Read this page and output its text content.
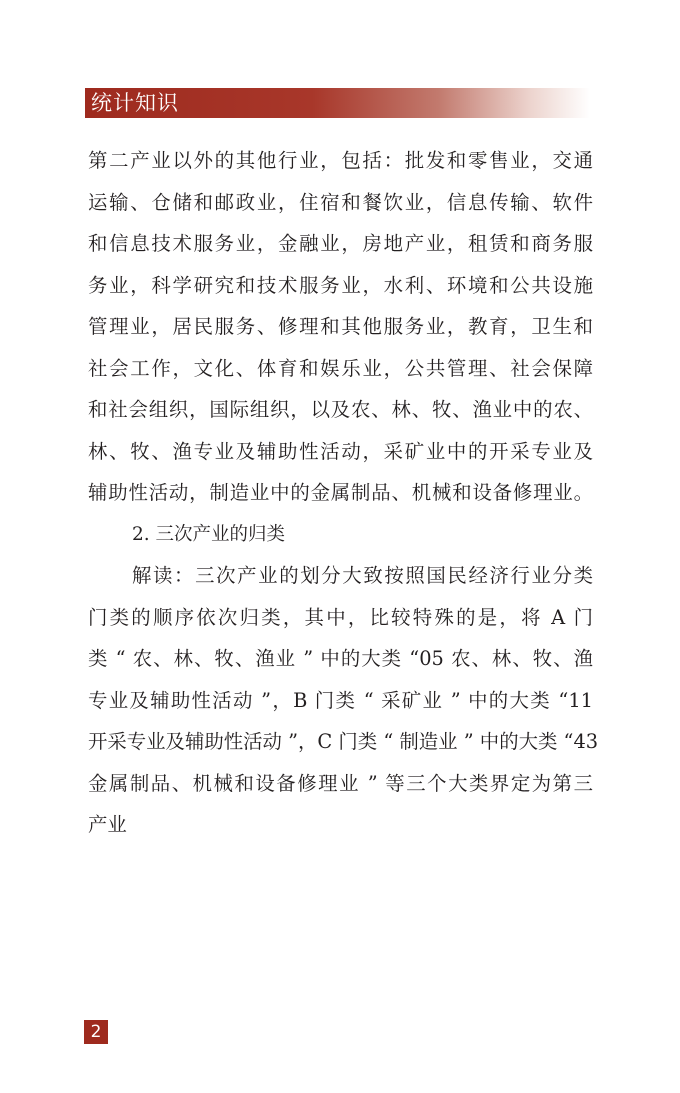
统计知识
第二产业以外的其他行业，包括：批发和零售业，交通
运输、仓储和邮政业，住宿和餐饮业，信息传输、软件
和信息技术服务业，金融业，房地产业，租赁和商务服
务业，科学研究和技术服务业，水利、环境和公共设施
管理业，居民服务、修理和其他服务业，教育，卫生和
社会工作，文化、体育和娱乐业，公共管理、社会保障
和社会组织，国际组织，以及农、林、牧、渔业中的农、
林、牧、渔专业及辅助性活动，采矿业中的开采专业及
辅助性活动，制造业中的金属制品、机械和设备修理业。
2. 三次产业的归类
解读：三次产业的划分大致按照国民经济行业分类
门类的顺序依次归类，其中，比较特殊的是，将 A 门
类 “ 农、林、牧、渔业 ” 中的大类 “05 农、林、牧、渔
专业及辅助性活动 ”，B 门类 “ 采矿业 ” 中的大类 “11
开采专业及辅助性活动 ”，C 门类 “ 制造业 ” 中的大类 “43
金属制品、机械和设备修理业 ” 等三个大类界定为第三
产业
2
